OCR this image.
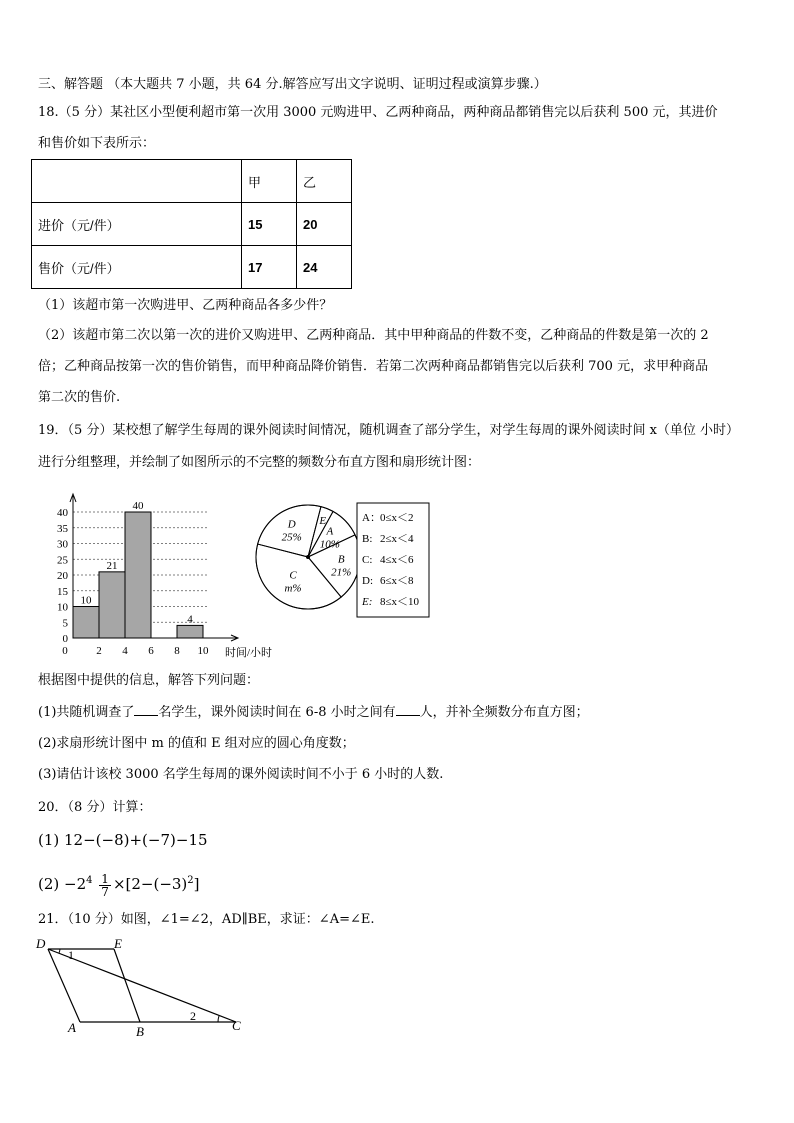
三、解答题 （本大题共 7 小题，共 64 分.解答应写出文字说明、证明过程或演算步骤.）
18.（5 分）某社区小型便利超市第一次用 3000 元购进甲、乙两种商品，两种商品都销售完以后获利 500 元，其进价
和售价如下表所示：
	甲	乙
进价（元/件）	15	20
售价（元/件）	17	24
（1）该超市第一次购进甲、乙两种商品各多少件？
（2）该超市第二次以第一次的进价又购进甲、乙两种商品．其中甲种商品的件数不变，乙种商品的件数是第一次的 2
倍；乙种商品按第一次的售价销售，而甲种商品降价销售．若第二次两种商品都销售完以后获利 700 元，求甲种商品
第二次的售价.
19．（5 分）某校想了解学生每周的课外阅读时间情况，随机调查了部分学生，对学生每周的课外阅读时间 x（单位 小时）
进行分组整理，并绘制了如图所示的不完整的频数分布直方图和扇形统计图：
0
5
10
15
20
25
30
35
40
10
21
40
4
0	2 4 6 8 10 时间/小时
A
10%
B
21%
C
m%
D
25%
E	A： 0≤x＜2
B: 2≤x＜4
C: 4≤x＜6
D: 6≤x＜8
E: 8≤x＜10
根据图中提供的信息，解答下列问题：
(1)共随机调查了 名学生，课外阅读时间在 6-8 小时之间有 人，并补全频数分布直方图；
(2)求扇形统计图中 m 的值和 E 组对应的圆心角度数；
(3)请估计该校 3000 名学生每周的课外阅读时间不小于 6 小时的人数.
20．（8 分）计算：
(1) 12−(−8)+(−7)−15
$(2) -2^4 \frac{1}{7} \times[2-(-3)^2]$
21．（10 分）如图，∠1=∠2，AD∥BE，求证：∠A=∠E.
D	E
A	B	C
1
2
